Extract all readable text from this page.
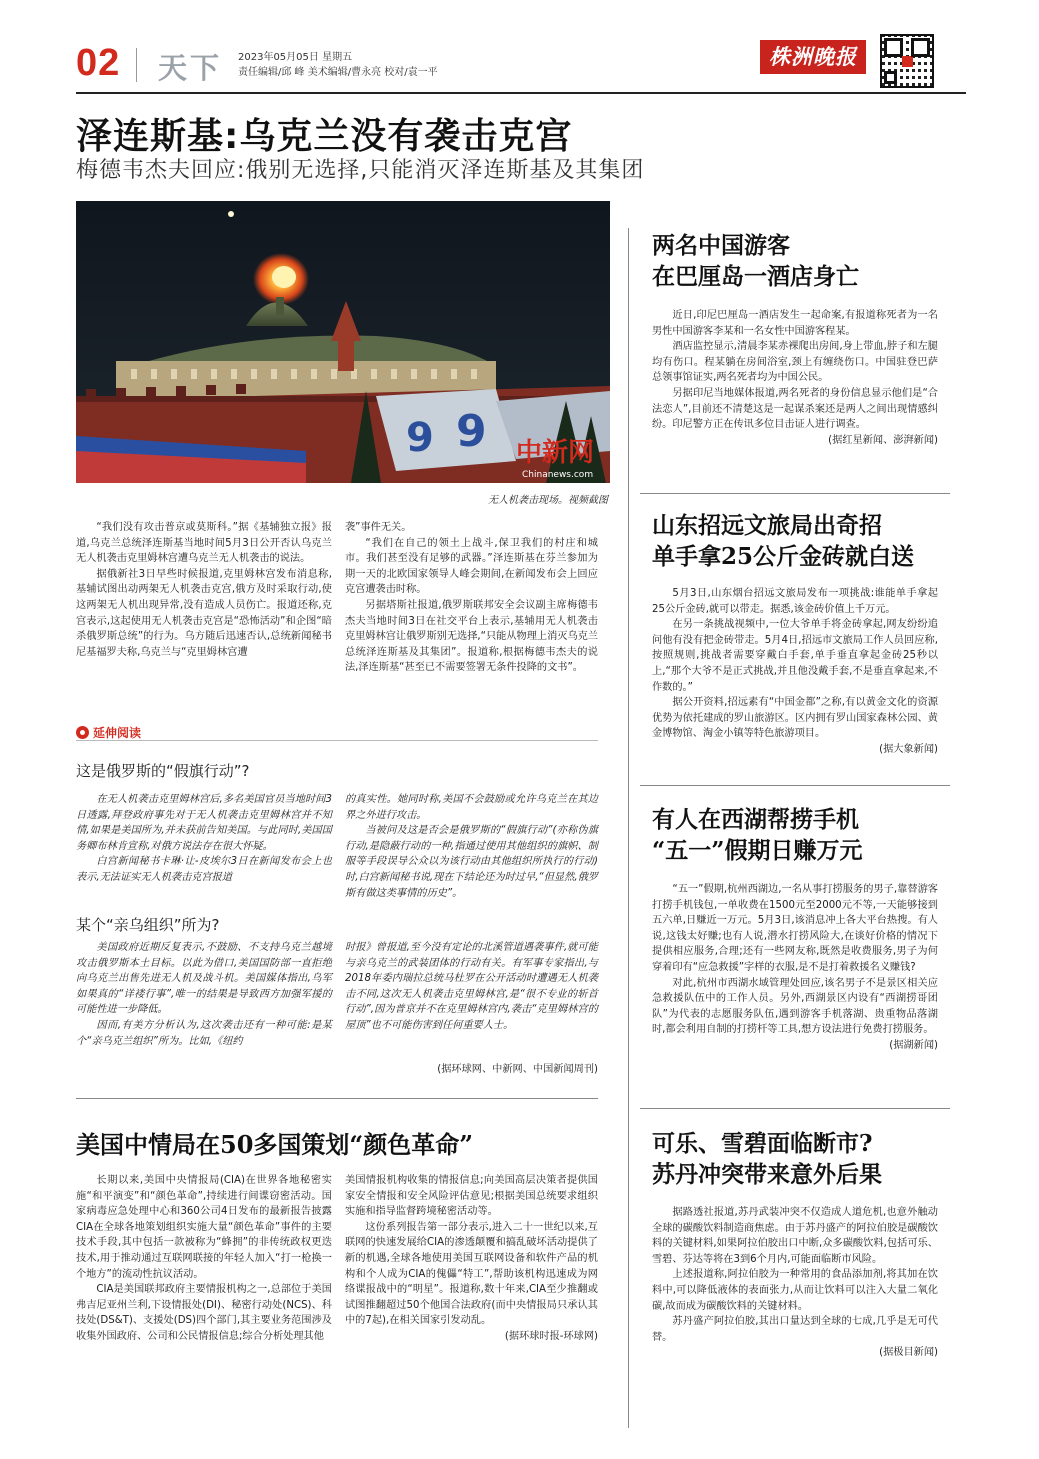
02 天下 2023年05月05日 星期五
责任编辑/邱 峰 美术编辑/曹永亮 校对/袁一平
株洲晚报
泽连斯基:乌克兰没有袭击克宫
梅德韦杰夫回应:俄别无选择,只能消灭泽连斯基及其集团
9 9 中新网
Chinanews.com
无人机袭击现场。视频截图

“我们没有攻击普京或莫斯科。”据《基辅独立报》报道,乌克兰总统泽连斯基当地时间5月3日公开否认乌克兰无人机袭击克里姆林宫遭乌克兰无人机袭击的说法。

据俄新社3日早些时候报道,克里姆林宫发布消息称,基辅试图出动两架无人机袭击克宫,俄方及时采取行动,使这两架无人机出现异常,没有造成人员伤亡。报道还称,克宫表示,这起使用无人机袭击克宫是“恐怖活动”和企图“暗杀俄罗斯总统”的行为。乌方随后迅速否认,总统新闻秘书尼基福罗夫称,乌克兰与“克里姆林宫遭

袭”事件无关。

“我们在自己的领土上战斗,保卫我们的村庄和城市。我们甚至没有足够的武器。”泽连斯基在芬兰参加为期一天的北欧国家领导人峰会期间,在新闻发布会上回应克宫遭袭击时称。

另据塔斯社报道,俄罗斯联邦安全会议副主席梅德韦杰夫当地时间3日在社交平台上表示,基辅用无人机袭击克里姆林宫让俄罗斯别无选择,“只能从物理上消灭乌克兰总统泽连斯基及其集团”。报道称,根据梅德韦杰夫的说法,泽连斯基“甚至已不需要签署无条件投降的文书”。

延伸阅读
这是俄罗斯的“假旗行动”?

在无人机袭击克里姆林宫后,多名美国官员当地时间3日透露,拜登政府事先对于无人机袭击克里姆林宫并不知情,如果是美国所为,并未获前告知美国。与此同时,美国国务卿布林肯宣称,对俄方说法存在很大怀疑。

白宫新闻秘书卡琳·让-皮埃尔3日在新闻发布会上也表示,无法证实无人机袭击克宫报道

的真实性。她同时称,美国不会鼓励或允许乌克兰在其边界之外进行攻击。

当被问及这是否会是俄罗斯的“假旗行动”(亦称伪旗行动,是隐蔽行动的一种,指通过使用其他组织的旗帜、制服等手段误导公众以为该行动由其他组织所执行的行动)时,白宫新闻秘书说,现在下结论还为时过早,“但显然,俄罗斯有做这类事情的历史”。

某个“亲乌组织”所为?

美国政府近期反复表示,不鼓励、不支持乌克兰越境攻击俄罗斯本土目标。以此为借口,美国国防部一直拒绝向乌克兰出售先进无人机及战斗机。美国媒体指出,乌军如果真的“详褛行事”,唯一的结果是导致西方加强军援的可能性进一步降低。

因而,有美方分析认为,这次袭击还有一种可能:是某个“亲乌克兰组织”所为。比如,《纽约

时报》曾报道,至今没有定论的北溪管道遇袭事件,就可能与亲乌克兰的武装团体的行动有关。有军事专家指出,与2018年委内瑞拉总统马杜罗在公开活动时遭遇无人机袭击不同,这次无人机袭击克里姆林宫,是“很不专业的斩首行动”,因为普京并不在克里姆林宫内,袭击“克里姆林宫的屋顶”也不可能伤害到任何重要人士。

(据环球网、中新网、中国新闻周刊)

美国中情局在50多国策划“颜色革命”

长期以来,美国中央情报局(CIA)在世界各地秘密实施“和平演变”和“颜色革命”,持续进行间谍窃密活动。国家病毒应急处理中心和360公司4日发布的最新报告披露CIA在全球各地策划组织实施大量“颜色革命”事件的主要技术手段,其中包括一款被称为“蜂拥”的非传统政权更迭技术,用于推动通过互联网联接的年轻人加入“打一枪换一个地方”的流动性抗议活动。

CIA是美国联邦政府主要情报机构之一,总部位于美国弗吉尼亚州兰利,下设情报处(DI)、秘密行动处(NCS)、科技处(DS&T)、支援处(DS)四个部门,其主要业务范围涉及收集外国政府、公司和公民情报信息;综合分析处理其他

美国情报机构收集的情报信息;向美国高层决策者提供国家安全情报和安全风险评估意见;根据美国总统要求组织实施和指导监督跨境秘密活动等。

这份系列报告第一部分表示,进入二十一世纪以来,互联网的快速发展给CIA的渗透颠覆和搞乱破坏活动提供了新的机遇,全球各地使用美国互联网设备和软件产品的机构和个人成为CIA的傀儡“特工”,帮助该机构迅速成为网络谍报战中的“明星”。报道称,数十年来,CIA至少推翻或试图推翻超过50个他国合法政府(而中央情报局只承认其中的7起),在相关国家引发动乱。

(据环球时报-环球网)

两名中国游客
在巴厘岛一酒店身亡

近日,印尼巴厘岛一酒店发生一起命案,有报道称死者为一名男性中国游客李某和一名女性中国游客程某。

酒店监控显示,清晨李某赤裸爬出房间,身上带血,脖子和左腿均有伤口。程某躺在房间浴室,颈上有缠绕伤口。中国驻登巴萨总领事馆证实,两名死者均为中国公民。

另据印尼当地媒体报道,两名死者的身份信息显示他们是“合法恋人”,目前还不清楚这是一起谋杀案还是两人之间出现情感纠纷。印尼警方正在传讯多位目击证人进行调查。

(据红星新闻、澎湃新闻)

山东招远文旅局出奇招
单手拿25公斤金砖就白送

5月3日,山东烟台招远文旅局发布一项挑战:谁能单手拿起25公斤金砖,就可以带走。据悉,该金砖价值上千万元。

在另一条挑战视频中,一位大爷单手将金砖拿起,网友纷纷追问他有没有把金砖带走。5月4日,招远市文旅局工作人员回应称,按照规则,挑战者需要穿戴白手套,单手垂直拿起金砖25秒以上,“那个大爷不是正式挑战,并且他没戴手套,不是垂直拿起来,不作数的。”

据公开资料,招远素有“中国金都”之称,有以黄金文化的资源优势为依托建成的罗山旅游区。区内拥有罗山国家森林公园、黄金博物馆、淘金小镇等特色旅游项目。

(据大象新闻)

有人在西湖帮捞手机
“五一”假期日赚万元

“五一”假期,杭州西湖边,一名从事打捞服务的男子,靠替游客打捞手机钱包,一单收费在1500元至2000元不等,一天能够接到五六单,日赚近一万元。5月3日,该消息冲上各大平台热搜。有人说,这钱太好赚;也有人说,潜水打捞风险大,在谈好价格的情况下提供相应服务,合理;还有一些网友称,既然是收费服务,男子为何穿着印有“应急救援”字样的衣服,是不是打着救援名义赚钱?

对此,杭州市西湖水域管理处回应,该名男子不是景区相关应急救援队伍中的工作人员。另外,西湖景区内设有“西湖捞哥团队”为代表的志愿服务队伍,遇到游客手机落湖、贵重物品落湖时,都会利用自制的打捞杆等工具,想方设法进行免费打捞服务。

(据湖新闻)

可乐、雪碧面临断市?
苏丹冲突带来意外后果

据路透社报道,苏丹武装冲突不仅造成人道危机,也意外触动全球的碳酸饮料制造商焦虑。由于苏丹盛产的阿拉伯胶是碳酸饮料的关键材料,如果阿拉伯胶出口中断,众多碳酸饮料,包括可乐、雪碧、芬达等将在3到6个月内,可能面临断市风险。

上述报道称,阿拉伯胶为一种常用的食品添加剂,将其加在饮料中,可以降低液体的表面张力,从而让饮料可以注入大量二氧化碳,故而成为碳酸饮料的关键材料。

苏丹盛产阿拉伯胶,其出口量达到全球的七成,几乎是无可代替。

(据极目新闻)
